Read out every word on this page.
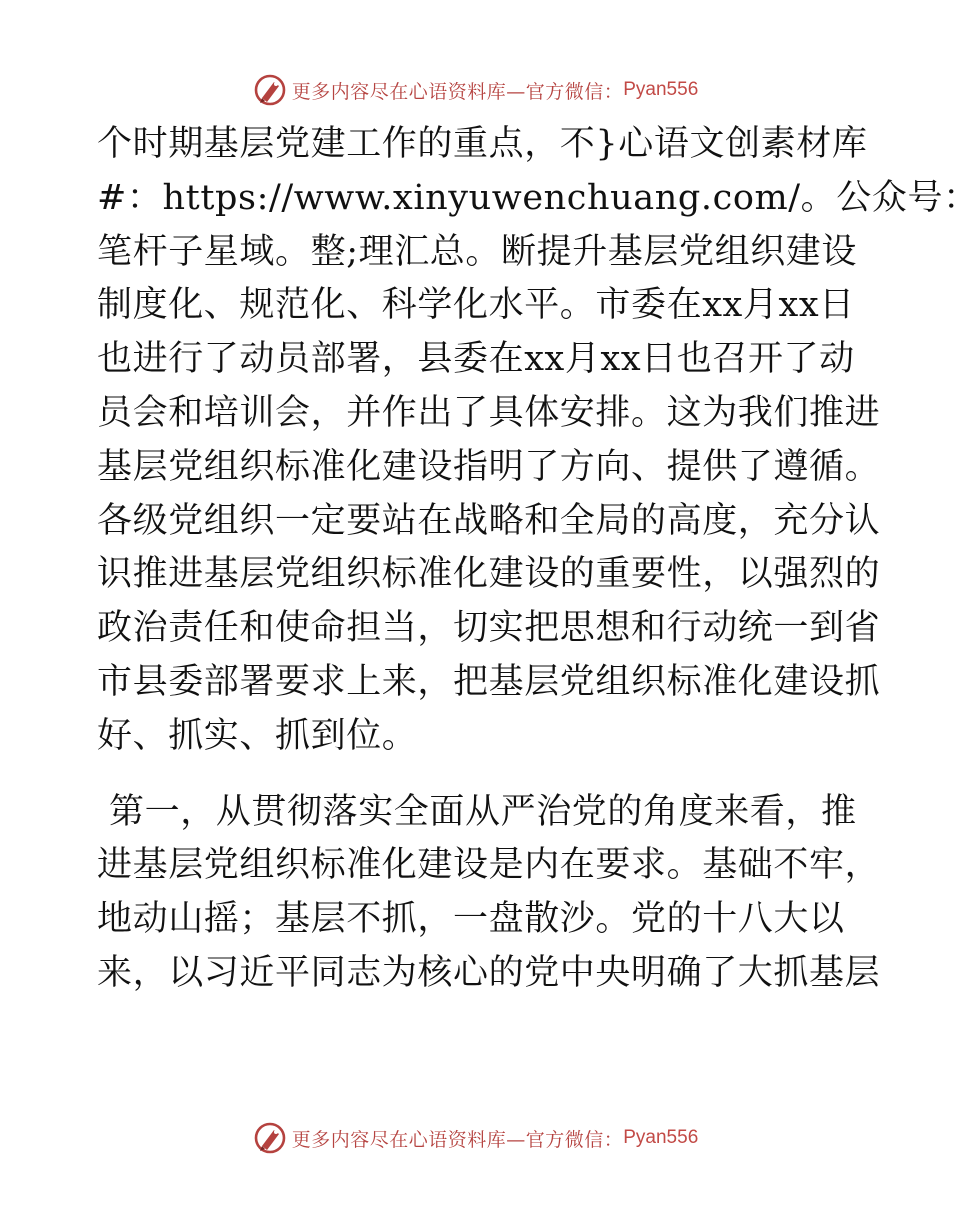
更多内容尽在心语资料库—官方微信： Pyan556
个时期基层党建工作的重点，不}心语文创素材库
#：https://www.xinyuwenchuang.com/。公众号：
笔杆子星域。整;理汇总。断提升基层党组织建设
制度化、规范化、科学化水平。市委在xx月xx日
也进行了动员部署，县委在xx月xx日也召开了动
员会和培训会，并作出了具体安排。这为我们推进
基层党组织标准化建设指明了方向、提供了遵循。
各级党组织一定要站在战略和全局的高度，充分认
识推进基层党组织标准化建设的重要性，以强烈的
政治责任和使命担当，切实把思想和行动统一到省
市县委部署要求上来，把基层党组织标准化建设抓
好、抓实、抓到位。
第一，从贯彻落实全面从严治党的角度来看，推
进基层党组织标准化建设是内在要求。基础不牢，
地动山摇；基层不抓，一盘散沙。党的十八大以
来，以习近平同志为核心的党中央明确了大抓基层
更多内容尽在心语资料库—官方微信： Pyan556
